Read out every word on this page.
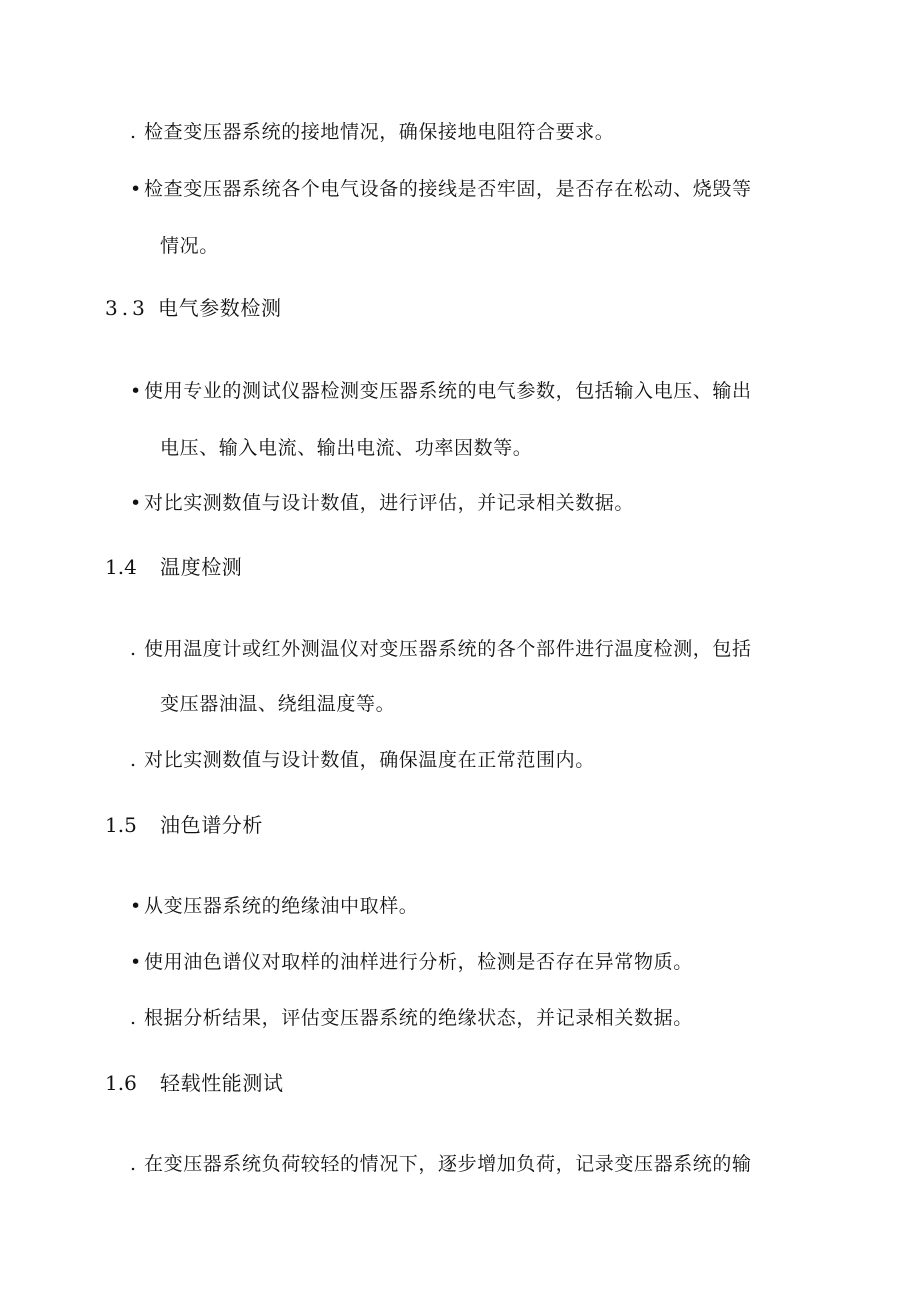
. 检查变压器系统的接地情况，确保接地电阻符合要求。
• 检查变压器系统各个电气设备的接线是否牢固，是否存在松动、烧毁等
情况。
3.3 电气参数检测
• 使用专业的测试仪器检测变压器系统的电气参数，包括输入电压、输出
电压、输入电流、输出电流、功率因数等。
• 对比实测数值与设计数值，进行评估，并记录相关数据。
1.4 温度检测
. 使用温度计或红外测温仪对变压器系统的各个部件进行温度检测，包括
变压器油温、绕组温度等。
. 对比实测数值与设计数值，确保温度在正常范围内。
1.5 油色谱分析
• 从变压器系统的绝缘油中取样。
• 使用油色谱仪对取样的油样进行分析，检测是否存在异常物质。
. 根据分析结果，评估变压器系统的绝缘状态，并记录相关数据。
1.6 轻载性能测试
. 在变压器系统负荷较轻的情况下，逐步增加负荷，记录变压器系统的输
